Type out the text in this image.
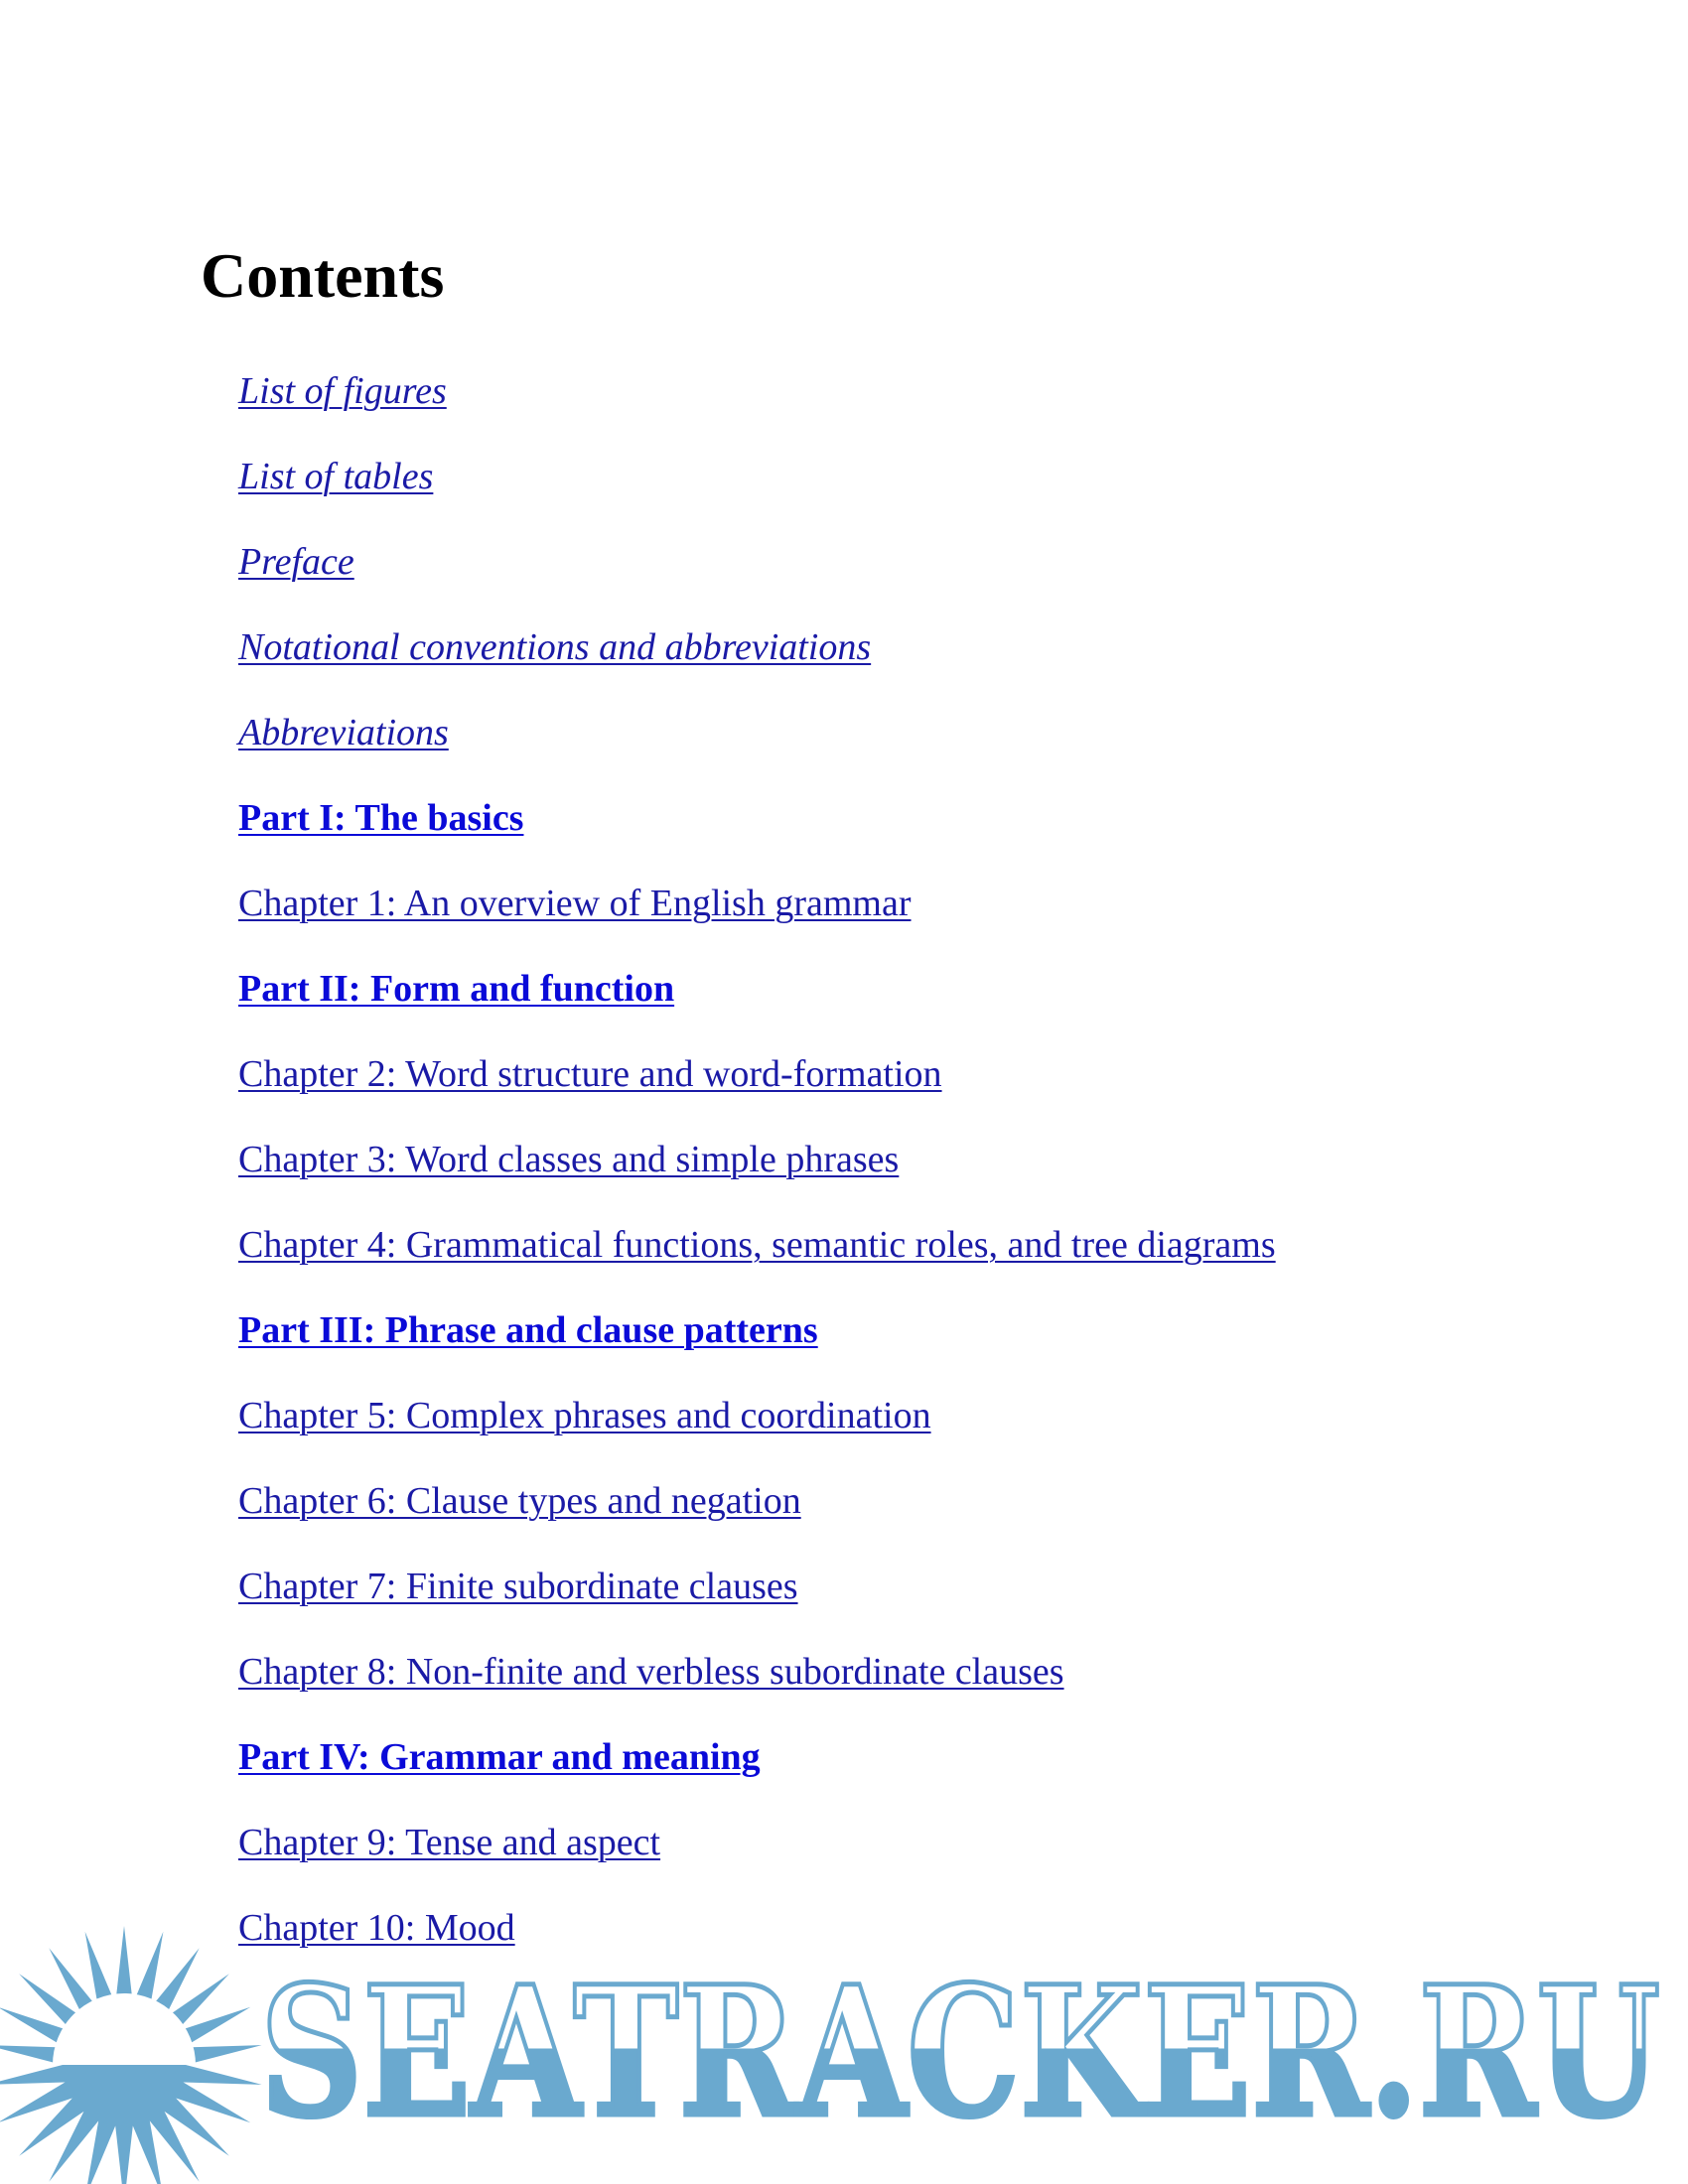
Contents
List of figures
List of tables
Preface
Notational conventions and abbreviations
Abbreviations
Part I: The basics
Chapter 1: An overview of English grammar
Part II: Form and function
Chapter 2: Word structure and word-formation
Chapter 3: Word classes and simple phrases
Chapter 4: Grammatical functions, semantic roles, and tree diagrams
Part III: Phrase and clause patterns
Chapter 5: Complex phrases and coordination
Chapter 6: Clause types and negation
Chapter 7: Finite subordinate clauses
Chapter 8: Non-finite and verbless subordinate clauses
Part IV: Grammar and meaning
Chapter 9: Tense and aspect
Chapter 10: Mood
SEATRACKER.RU
